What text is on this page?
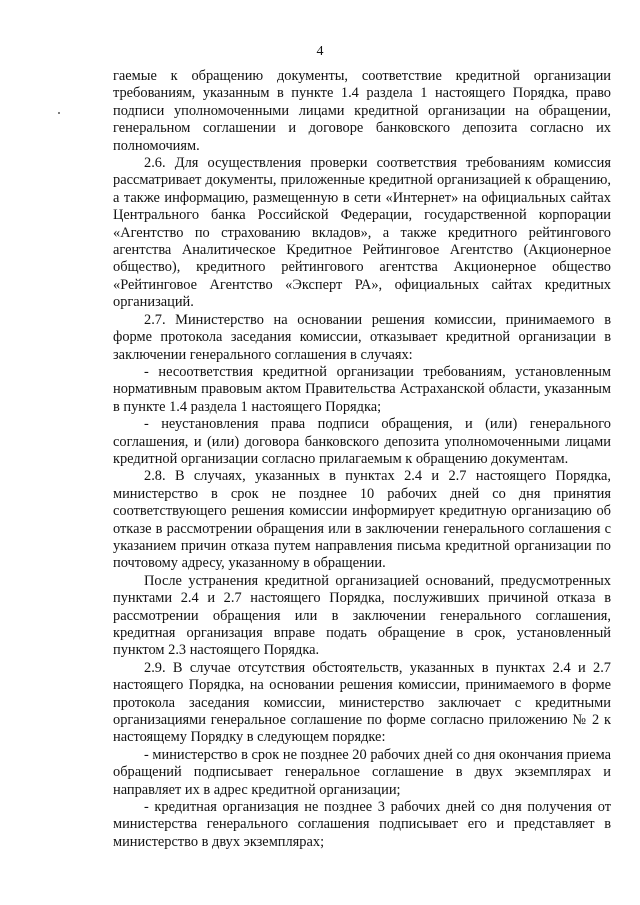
4

гаемые к обращению документы, соответствие кредитной организации требованиям, указанным в пункте 1.4 раздела 1 настоящего Порядка, право подписи уполномоченными лицами кредитной организации на обращении, генеральном соглашении и договоре банковского депозита согласно их полномочиям.

2.6. Для осуществления проверки соответствия требованиям комиссия рассматривает документы, приложенные кредитной организацией к обращению, а также информацию, размещенную в сети «Интернет» на официальных сайтах Центрального банка Российской Федерации, государственной корпорации «Агентство по страхованию вкладов», а также кредитного рейтингового агентства Аналитическое Кредитное Рейтинговое Агентство (Акционерное общество), кредитного рейтингового агентства Акционерное общество «Рейтинговое Агентство «Эксперт РА», официальных сайтах кредитных организаций.

2.7. Министерство на основании решения комиссии, принимаемого в форме протокола заседания комиссии, отказывает кредитной организации в заключении генерального соглашения в случаях:

- несоответствия кредитной организации требованиям, установленным нормативным правовым актом Правительства Астраханской области, указанным в пункте 1.4 раздела 1 настоящего Порядка;

- неустановления права подписи обращения, и (или) генерального соглашения, и (или) договора банковского депозита уполномоченными лицами кредитной организации согласно прилагаемым к обращению документам.

2.8. В случаях, указанных в пунктах 2.4 и 2.7 настоящего Порядка, министерство в срок не позднее 10 рабочих дней со дня принятия соответствующего решения комиссии информирует кредитную организацию об отказе в рассмотрении обращения или в заключении генерального соглашения с указанием причин отказа путем направления письма кредитной организации по почтовому адресу, указанному в обращении.

После устранения кредитной организацией оснований, предусмотренных пунктами 2.4 и 2.7 настоящего Порядка, послуживших причиной отказа в рассмотрении обращения или в заключении генерального соглашения, кредитная организация вправе подать обращение в срок, установленный пунктом 2.3 настоящего Порядка.

2.9. В случае отсутствия обстоятельств, указанных в пунктах 2.4 и 2.7 настоящего Порядка, на основании решения комиссии, принимаемого в форме протокола заседания комиссии, министерство заключает с кредитными организациями генеральное соглашение по форме согласно приложению № 2 к настоящему Порядку в следующем порядке:

- министерство в срок не позднее 20 рабочих дней со дня окончания приема обращений подписывает генеральное соглашение в двух экземплярах и направляет их в адрес кредитной организации;

- кредитная организация не позднее 3 рабочих дней со дня получения от министерства генерального соглашения подписывает его и представляет в министерство в двух экземплярах;
